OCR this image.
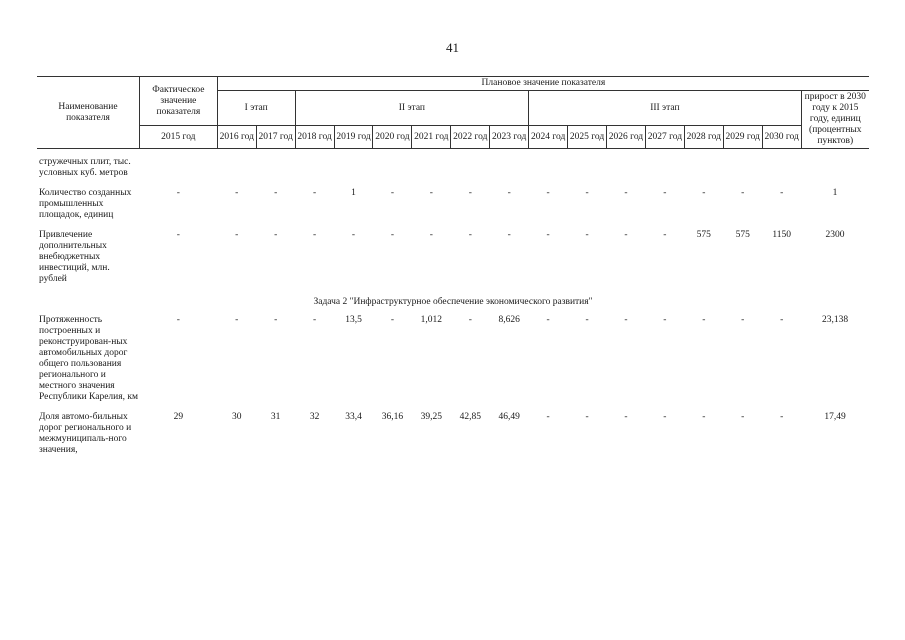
41
Наименование показателя	Фактическое значение показателя	Плановое значение показателя															
		I этап		II этап						III этап							прирост в 2030 году к 2015 году, единиц (процентных пунктов)
	2015 год	2016 год	2017 год	2018 год	2019 год	2020 год	2021 год	2022 год	2023 год	2024 год	2025 год	2026 год	2027 год	2028 год	2029 год	2030 год	

стружечных плит, тыс. условных куб. метров																	
Количество созданных промышленных площадок, единиц	-	-	-	-	1	-	-	-	-	-	-	-	-	-	-	-	1
Привлечение дополнительных внебюджетных инвестиций, млн. рублей	-	-	-	-	-	-	-	-	-	-	-	-	-	575	575	1150	2300
Задача 2 "Инфраструктурное обеспечение экономического развития"																	
Протяженность построенных и реконструирован-ных автомобильных дорог общего пользования регионального и местного значения Республики Карелия, км	-	-	-	-	13,5	-	1,012	-	8,626	-	-	-	-	-	-	-	23,138
Доля автомо-бильных дорог регионального и межмуниципаль-ного значения,	29	30	31	32	33,4	36,16	39,25	42,85	46,49	-	-	-	-	-	-	-	17,49
